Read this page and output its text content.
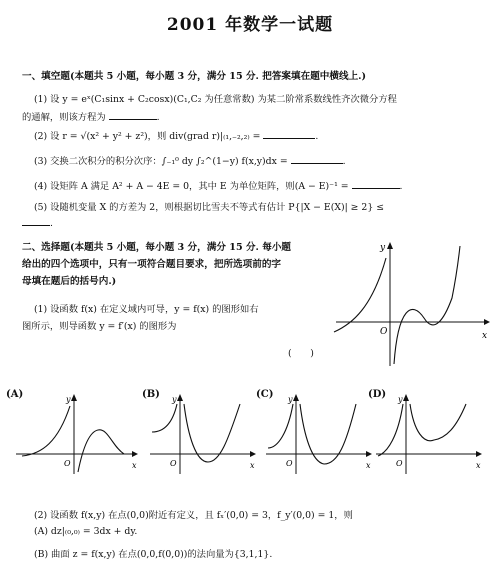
2001 年数学一试题
一、填空题(本题共 5 小题，每小题 3 分，满分 15 分. 把答案填在题中横线上.)
(1) 设 y = eˣ(C₁sinx + C₂cosx)(C₁,C₂ 为任意常数) 为某二阶常系数线性齐次微分方程
的通解，则该方程为	.
(2) 设 r = √(x² + y² + z²)，则 div(grad r)|₍₁,₋₂,₂₎ =	.
(3) 交换二次积分的积分次序：∫₋₁⁰ dy ∫₂^(1−y) f(x,y)dx =	.
(4) 设矩阵 A 满足 A² + A − 4E = 0，其中 E 为单位矩阵，则(A − E)⁻¹ =	.
(5) 设随机变量 X 的方差为 2，则根据切比雪夫不等式有估计 P{|X − E(X)| ≥ 2} ≤
.
二、选择题(本题共 5 小题，每小题 3 分，满分 15 分. 每小题
给出的四个选项中，只有一项符合题目要求，把所选项前的字
母填在题后的括号内.)
(1) 设函数 f(x) 在定义域内可导，y = f(x) 的图形如右
图所示，则导函数 y = f′(x) 的图形为
(　　)
x
y
O
(A)
x
y
O
(B)
x
y
O
(C)
x
y
O
(D)
x
y
O
(2) 设函数 f(x,y) 在点(0,0)附近有定义，且 fₓ′(0,0) = 3，f_y′(0,0) = 1，则
(A) dz|₍₀,₀₎ = 3dx + dy.
(B) 曲面 z = f(x,y) 在点(0,0,f(0,0))的法向量为{3,1,1}.
